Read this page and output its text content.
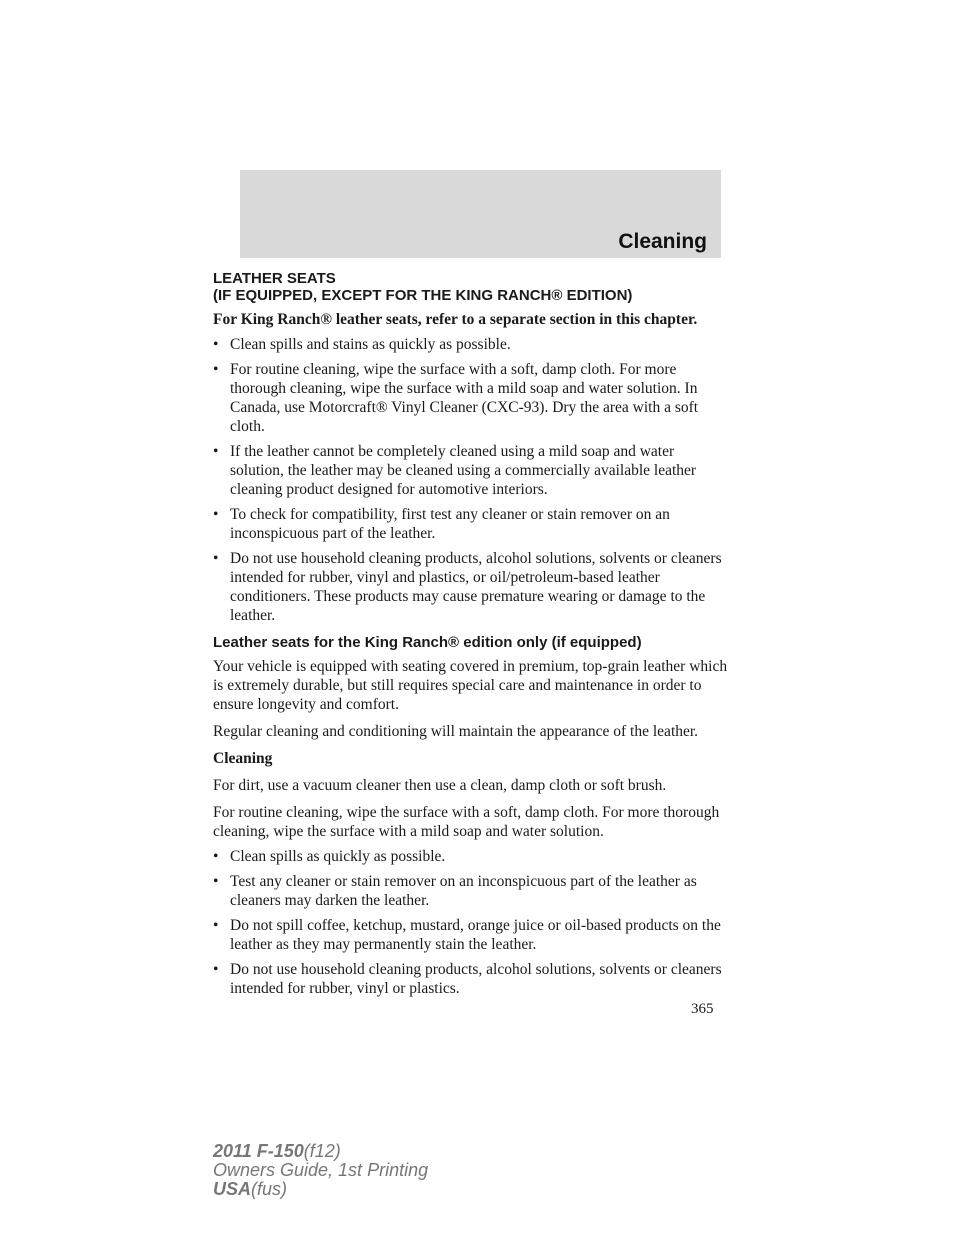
Cleaning
LEATHER SEATS
(IF EQUIPPED, EXCEPT FOR THE KING RANCH® EDITION)

For King Ranch® leather seats, refer to a separate section in this chapter.

• Clean spills and stains as quickly as possible.
• For routine cleaning, wipe the surface with a soft, damp cloth. For more thorough cleaning, wipe the surface with a mild soap and water solution. In Canada, use Motorcraft® Vinyl Cleaner (CXC-93). Dry the area with a soft cloth.
• If the leather cannot be completely cleaned using a mild soap and water solution, the leather may be cleaned using a commercially available leather cleaning product designed for automotive interiors.
• To check for compatibility, first test any cleaner or stain remover on an inconspicuous part of the leather.
• Do not use household cleaning products, alcohol solutions, solvents or cleaners intended for rubber, vinyl and plastics, or oil/petroleum-based leather conditioners. These products may cause premature wearing or damage to the leather.
Leather seats for the King Ranch® edition only (if equipped)

Your vehicle is equipped with seating covered in premium, top-grain leather which is extremely durable, but still requires special care and maintenance in order to ensure longevity and comfort.

Regular cleaning and conditioning will maintain the appearance of the leather.

Cleaning

For dirt, use a vacuum cleaner then use a clean, damp cloth or soft brush.

For routine cleaning, wipe the surface with a soft, damp cloth. For more thorough cleaning, wipe the surface with a mild soap and water solution.

• Clean spills as quickly as possible.
• Test any cleaner or stain remover on an inconspicuous part of the leather as cleaners may darken the leather.
• Do not spill coffee, ketchup, mustard, orange juice or oil-based products on the leather as they may permanently stain the leather.
• Do not use household cleaning products, alcohol solutions, solvents or cleaners intended for rubber, vinyl or plastics.
365
2011 F-150(f12)
Owners Guide, 1st Printing
USA(fus)
